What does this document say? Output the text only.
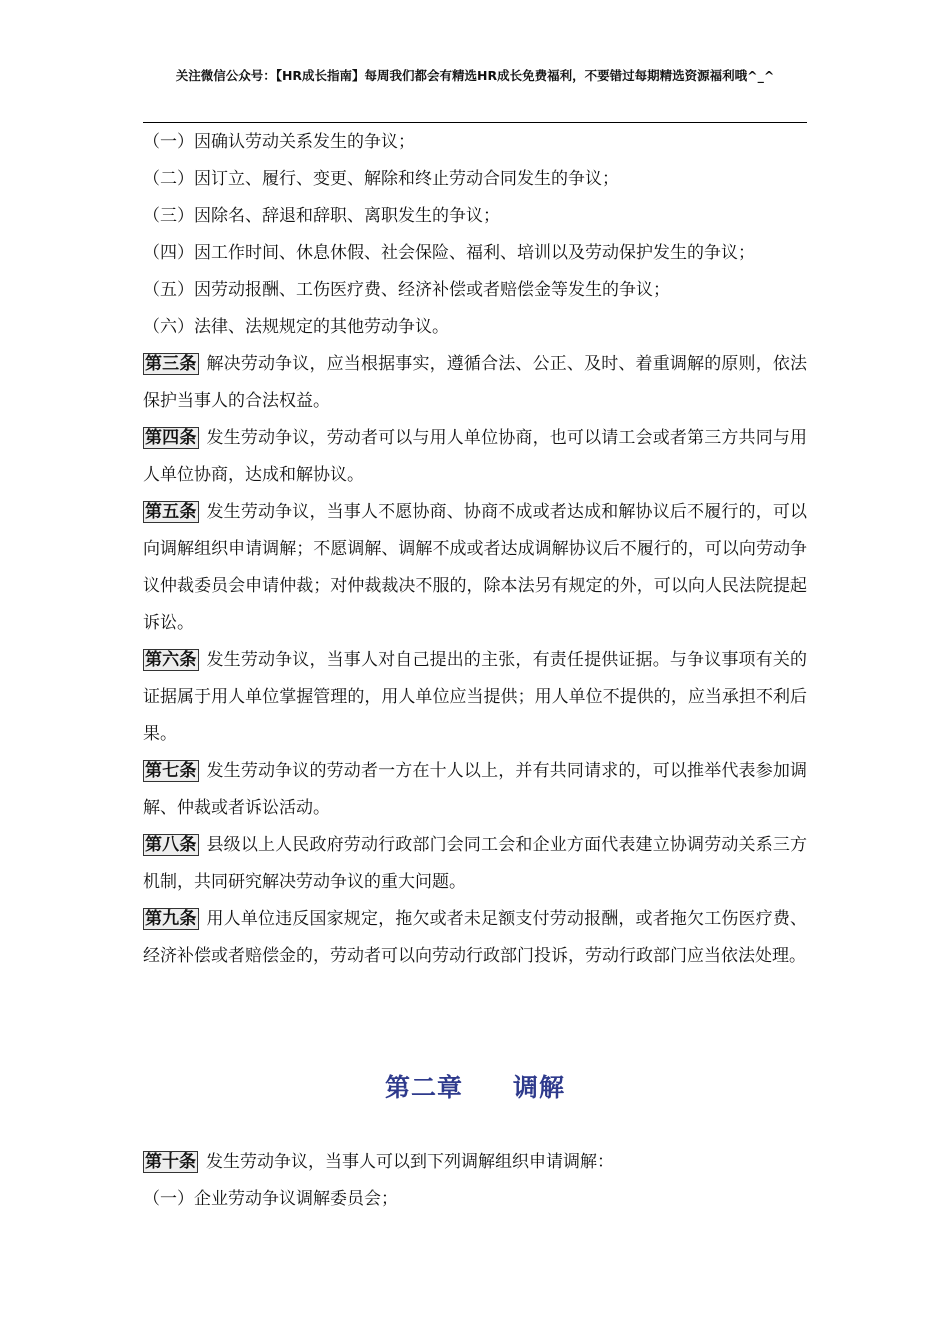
关注微信公众号：【HR成长指南】每周我们都会有精选HR成长免费福利，不要错过每期精选资源福利哦^_^

（一）因确认劳动关系发生的争议；

（二）因订立、履行、变更、解除和终止劳动合同发生的争议；

（三）因除名、辞退和辞职、离职发生的争议；

（四）因工作时间、休息休假、社会保险、福利、培训以及劳动保护发生的争议；

（五）因劳动报酬、工伤医疗费、经济补偿或者赔偿金等发生的争议；

（六）法律、法规规定的其他劳动争议。

第三条 解决劳动争议，应当根据事实，遵循合法、公正、及时、着重调解的原则，依法保护当事人的合法权益。

第四条 发生劳动争议，劳动者可以与用人单位协商，也可以请工会或者第三方共同与用人单位协商，达成和解协议。

第五条 发生劳动争议，当事人不愿协商、协商不成或者达成和解协议后不履行的，可以向调解组织申请调解；不愿调解、调解不成或者达成调解协议后不履行的，可以向劳动争议仲裁委员会申请仲裁；对仲裁裁决不服的，除本法另有规定的外，可以向人民法院提起诉讼。

第六条 发生劳动争议，当事人对自己提出的主张，有责任提供证据。与争议事项有关的证据属于用人单位掌握管理的，用人单位应当提供；用人单位不提供的，应当承担不利后果。

第七条 发生劳动争议的劳动者一方在十人以上，并有共同请求的，可以推举代表参加调解、仲裁或者诉讼活动。

第八条 县级以上人民政府劳动行政部门会同工会和企业方面代表建立协调劳动关系三方机制，共同研究解决劳动争议的重大问题。

第九条 用人单位违反国家规定，拖欠或者未足额支付劳动报酬，或者拖欠工伤医疗费、经济补偿或者赔偿金的，劳动者可以向劳动行政部门投诉，劳动行政部门应当依法处理。

第二章 调解

第十条 发生劳动争议，当事人可以到下列调解组织申请调解：

（一）企业劳动争议调解委员会；
